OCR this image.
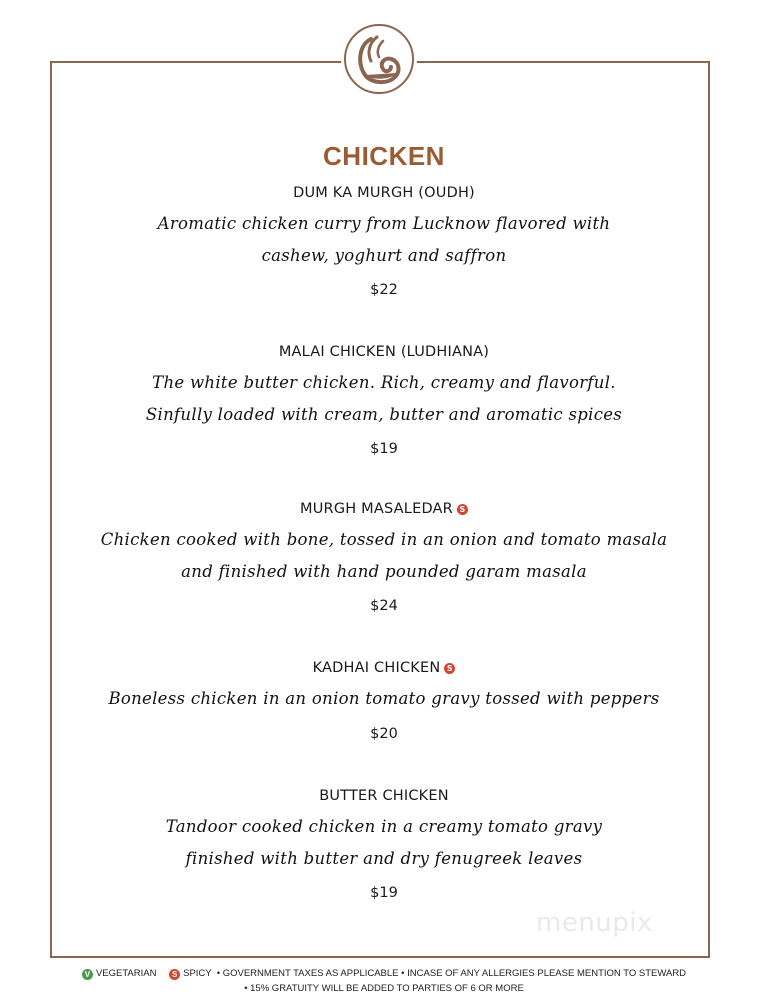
CHICKEN
DUM KA MURGH (OUDH)
Aromatic chicken curry from Lucknow flavored with
cashew, yoghurt and saffron
$22
MALAI CHICKEN (LUDHIANA)
The white butter chicken. Rich, creamy and flavorful.
Sinfully loaded with cream, butter and aromatic spices
$19
MURGH MASALEDAR S
Chicken cooked with bone, tossed in an onion and tomato masala
and finished with hand pounded garam masala
$24
KADHAI CHICKEN S
Boneless chicken in an onion tomato gravy tossed with peppers
$20
BUTTER CHICKEN
Tandoor cooked chicken in a creamy tomato gravy
finished with butter and dry fenugreek leaves
$19
menupix
V VEGETARIAN S SPICY • GOVERNMENT TAXES AS APPLICABLE • INCASE OF ANY ALLERGIES PLEASE MENTION TO STEWARD
• 15% GRATUITY WILL BE ADDED TO PARTIES OF 6 OR MORE
